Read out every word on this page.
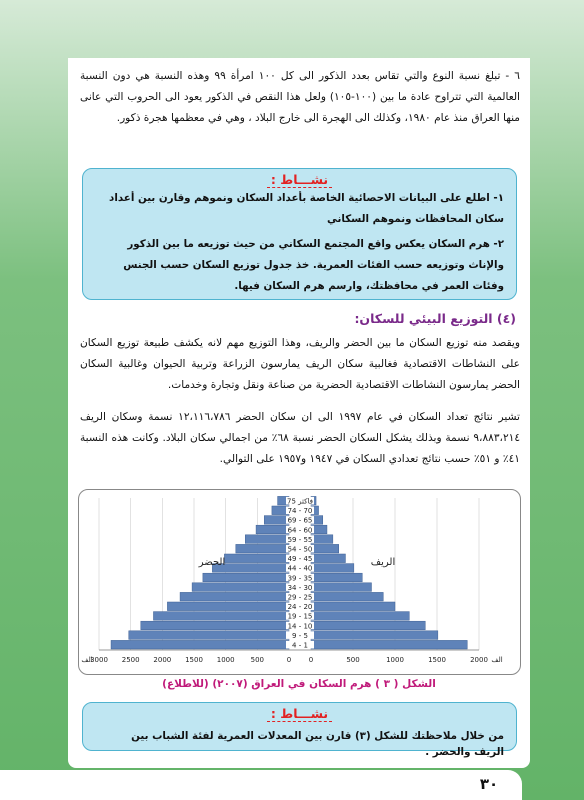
٦ - تبلغ نسبة النوع والتي تقاس بعدد الذكور الى كل ١٠٠ امرأة ٩٩ وهذه النسبة هي دون النسبة العالمية التي تتراوح عادة ما بين (١٠٠-١٠٥) ولعل هذا النقص في الذكور يعود الى الحروب التي عانى منها العراق منذ عام ١٩٨٠، وكذلك الى الهجرة الى خارج البلاد ، وهي في معظمها هجرة ذكور.

نشـــاط :

١- اطلع على البيانات الاحصائية الخاصة بأعداد السكان ونموهم وقارن بين أعداد سكان المحافظات ونموهم السكاني

٢- هرم السكان يعكس واقع المجتمع السكاني من حيث توزيعه ما بين الذكور والإناث وتوزيعه حسب الفئات العمرية. خذ جدول توزيع السكان حسب الجنس وفئات العمر في محافظتك، وارسم هرم السكان فيها.

(٤) التوزيع البيئي للسكان:

ويقصد منه توزيع السكان ما بين الحضر والريف، وهذا التوزيع مهم لانه يكشف طبيعة توزيع السكان على النشاطات الاقتصادية فغالبية سكان الريف يمارسون الزراعة وتربية الحيوان وغالبية السكان الحضر يمارسون النشاطات الاقتصادية الحضرية من صناعة ونقل وتجارة وخدمات.

تشير نتائج تعداد السكان في عام ١٩٩٧ الى ان سكان الحضر ١٢،١١٦،٧٨٦ نسمة وسكان الريف ٩،٨٨٣،٢١٤ نسمة وبذلك يشكل السكان الحضر نسبة ٦٨٪ من اجمالي سكان البلاد. وكانت هذه النسبة ٤١٪ و ٥١٪ حسب نتائج تعدادي السكان في ١٩٤٧ و١٩٥٧ على التوالي.

4 - 1
9 - 5
14 - 10
19 - 15
24 - 20
29 - 25
34 - 30
39 - 35
44 - 40
49 - 45
54 - 50
59 - 55
64 - 60
69 - 65
74 - 70
75 فاكثر
3000 2500 2000 1500 1000 500	0	0	500	1000	1500	2000
الف	الف
الحضر	الريف
الشكل ( ٣ ) هرم السكان في العراق (٢٠٠٧) (للاطلاع)
نشـــاط :

من خلال ملاحظتك للشكل (٣) قارن بين المعدلات العمرية لفئة الشباب بين الريف والحضر .

٣٠
